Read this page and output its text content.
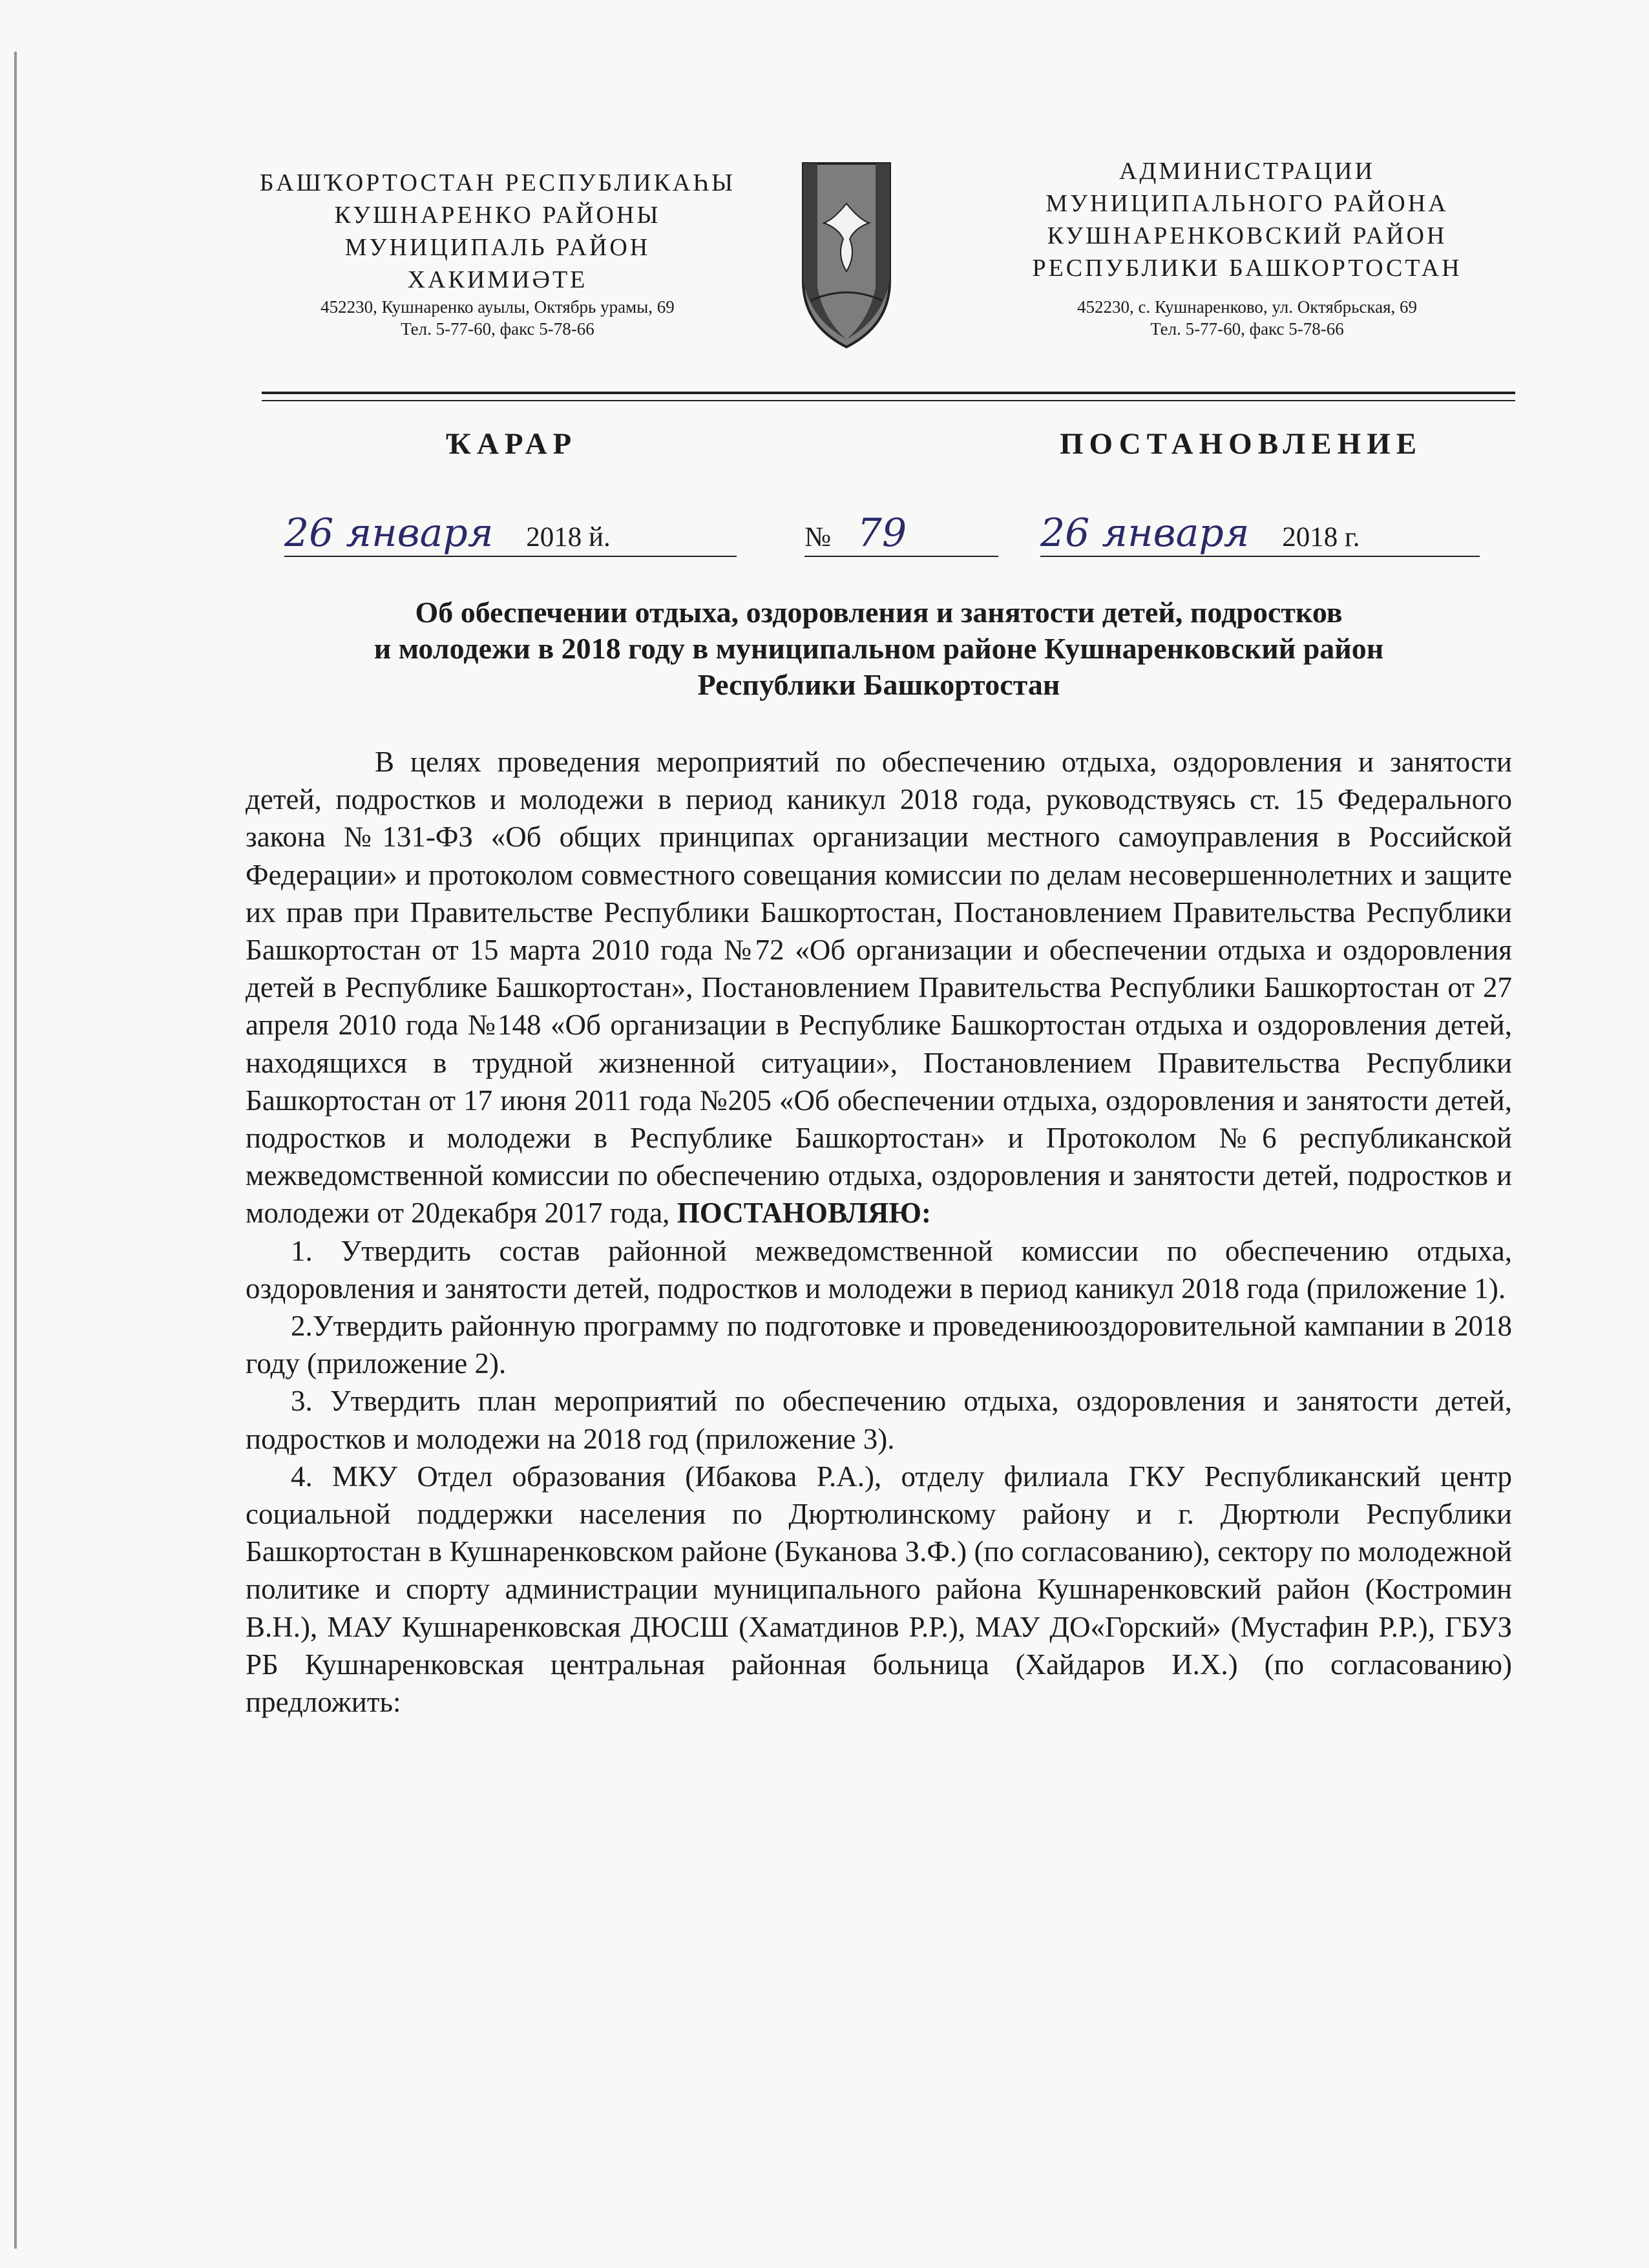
БАШҠОРТОСТАН РЕСПУБЛИКАҺЫ
КУШНАРЕНКО РАЙОНЫ
МУНИЦИПАЛЬ РАЙОН
ХАКИМИӘТЕ
452230, Кушнаренко ауылы, Октябрь урамы, 69
Тел. 5-77-60, факс 5-78-66
АДМИНИСТРАЦИИ
МУНИЦИПАЛЬНОГО РАЙОНА
КУШНАРЕНКОВСКИЙ РАЙОН
РЕСПУБЛИКИ БАШКОРТОСТАН
452230, с. Кушнаренково, ул. Октябрьская, 69
Тел. 5-77-60, факс 5-78-66
ҠАРАР	ПОСТАНОВЛЕНИЕ
26 января 2018 й.	№ 79	26 января 2018 г.
Об обеспечении отдыха, оздоровления и занятости детей, подростков
и молодежи в 2018 году в муниципальном районе Кушнаренковский район
Республики Башкортостан

В целях проведения мероприятий по обеспечению отдыха, оздоровления и занятости детей, подростков и молодежи в период каникул 2018 года, руководствуясь ст. 15 Федерального закона №131-ФЗ «Об общих принципах организации местного самоуправления в Российской Федерации» и протоколом совместного совещания комиссии по делам несовершеннолетних и защите их прав при Правительстве Республики Башкортостан, Постановлением Правительства Республики Башкортостан от 15 марта 2010 года №72 «Об организации и обеспечении отдыха и оздоровления детей в Республике Башкортостан», Постановлением Правительства Республики Башкортостан от 27 апреля 2010 года №148 «Об организации в Республике Башкортостан отдыха и оздоровления детей, находящихся в трудной жизненной ситуации», Постановлением Правительства Республики Башкортостан от 17 июня 2011 года №205 «Об обеспечении отдыха, оздоровления и занятости детей, подростков и молодежи в Республике Башкортостан» и Протоколом №6 республиканской межведомственной комиссии по обеспечению отдыха, оздоровления и занятости детей, подростков и молодежи от 20декабря 2017 года, ПОСТАНОВЛЯЮ:

1. Утвердить состав районной межведомственной комиссии по обеспечению отдыха, оздоровления и занятости детей, подростков и молодежи в период каникул 2018 года (приложение 1).

2.Утвердить районную программу по подготовке и проведениюоздоровительной кампании в 2018 году (приложение 2).

3. Утвердить план мероприятий по обеспечению отдыха, оздоровления и занятости детей, подростков и молодежи на 2018 год (приложение 3).

4. МКУ Отдел образования (Ибакова Р.А.), отделу филиала ГКУ Республиканский центр социальной поддержки населения по Дюртюлинскому району и г. Дюртюли Республики Башкортостан в Кушнаренковском районе (Буканова З.Ф.) (по согласованию), сектору по молодежной политике и спорту администрации муниципального района Кушнаренковский район (Костромин В.Н.), МАУ Кушнаренковская ДЮСШ (Хаматдинов Р.Р.), МАУ ДО«Горский» (Мустафин Р.Р.), ГБУЗ РБ Кушнаренковская центральная районная больница (Хайдаров И.Х.) (по согласованию) предложить:
